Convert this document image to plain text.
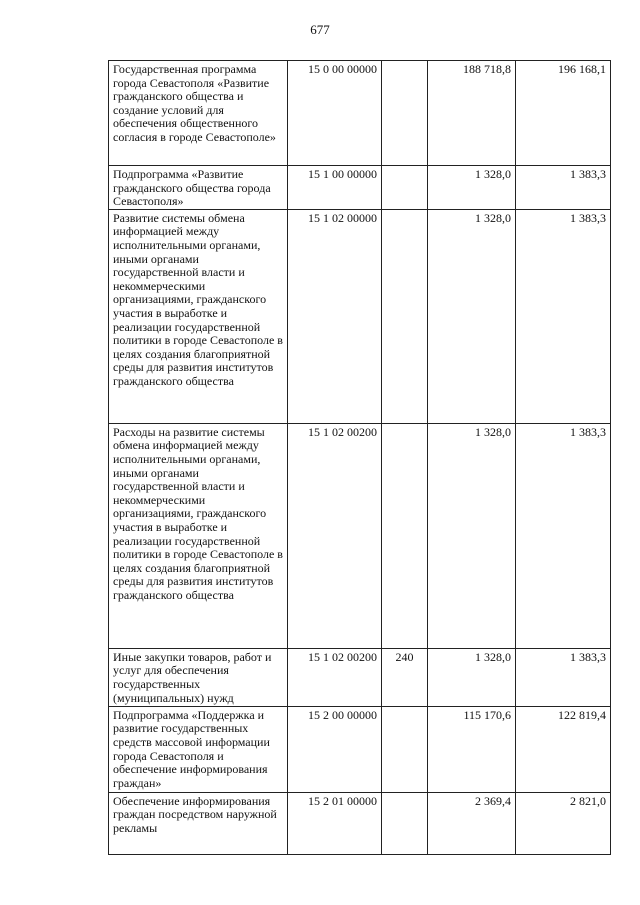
677
Государственная программа города Севастополя «Развитие гражданского общества и создание условий для обеспечения общественного согласия в городе Севастополе»	15 0 00 00000		188 718,8	196 168,1
Подпрограмма «Развитие гражданского общества города Севастополя»	15 1 00 00000		1 328,0	1 383,3
Развитие системы обмена информацией между исполнительными органами, иными органами государственной власти и некоммерческими организациями, гражданского участия в выработке и реализации государственной политики в городе Севастополе в целях создания благоприятной среды для развития институтов гражданского общества	15 1 02 00000		1 328,0	1 383,3
Расходы на развитие системы обмена информацией между исполнительными органами, иными органами государственной власти и некоммерческими организациями, гражданского участия в выработке и реализации государственной политики в городе Севастополе в целях создания благоприятной среды для развития институтов гражданского общества	15 1 02 00200		1 328,0	1 383,3
Иные закупки товаров, работ и услуг для обеспечения государственных (муниципальных) нужд	15 1 02 00200	240	1 328,0	1 383,3
Подпрограмма «Поддержка и развитие государственных средств массовой информации города Севастополя и обеспечение информирования граждан»	15 2 00 00000		115 170,6	122 819,4
Обеспечение информирования граждан посредством наружной рекламы	15 2 01 00000		2 369,4	2 821,0
